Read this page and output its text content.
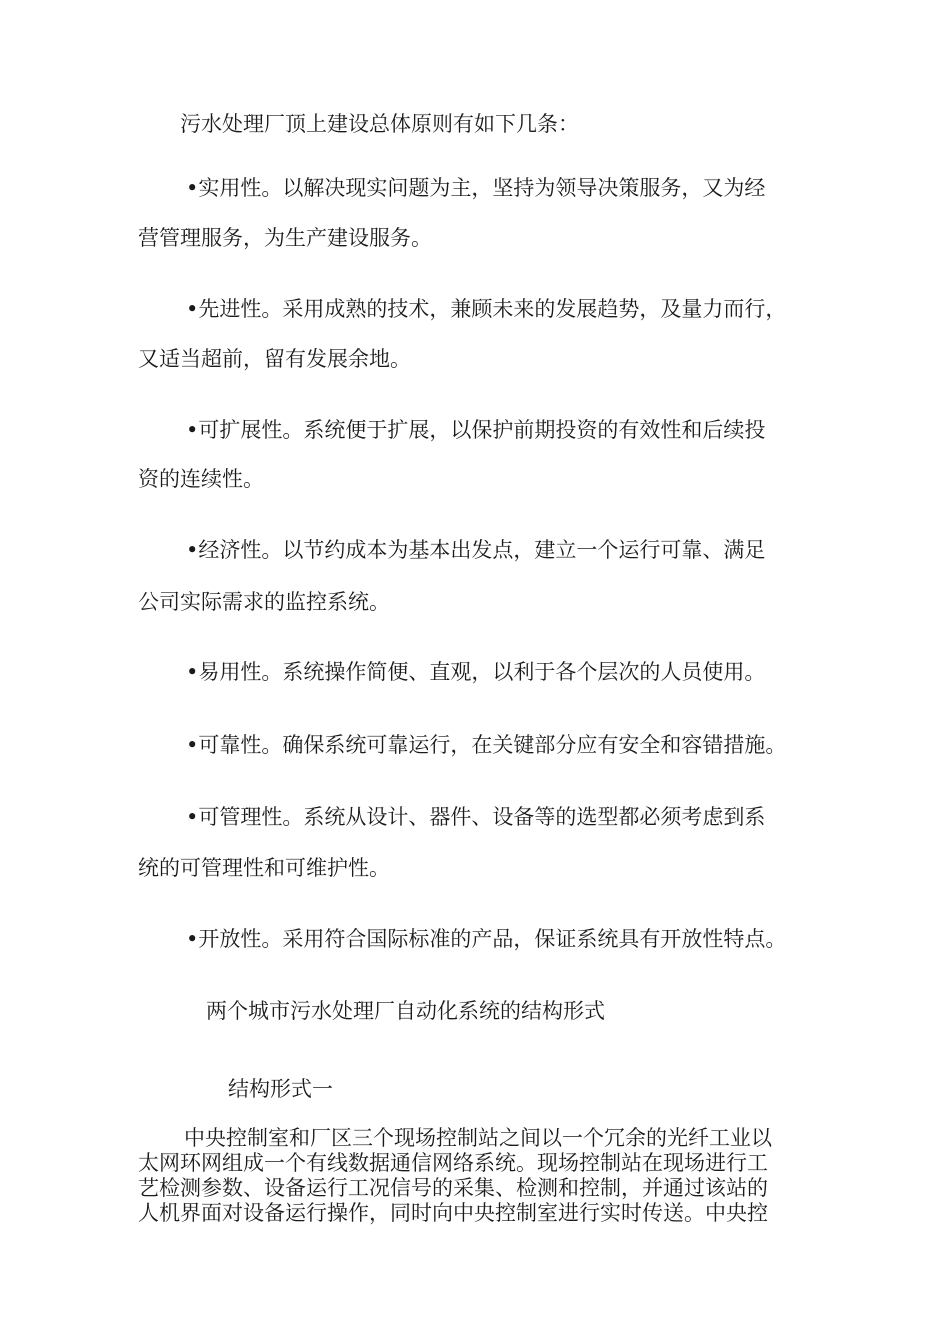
污水处理厂顶上建设总体原则有如下几条：
•实用性。以解决现实问题为主，坚持为领导决策服务，又为经
营管理服务，为生产建设服务。
•先进性。采用成熟的技术，兼顾未来的发展趋势，及量力而行，
又适当超前，留有发展余地。
•可扩展性。系统便于扩展，以保护前期投资的有效性和后续投
资的连续性。
•经济性。以节约成本为基本出发点，建立一个运行可靠、满足
公司实际需求的监控系统。
•易用性。系统操作简便、直观，以利于各个层次的人员使用。
•可靠性。确保系统可靠运行，在关键部分应有安全和容错措施。
•可管理性。系统从设计、器件、设备等的选型都必须考虑到系
统的可管理性和可维护性。
•开放性。采用符合国际标准的产品，保证系统具有开放性特点。
两个城市污水处理厂自动化系统的结构形式
结构形式一
中央控制室和厂区三个现场控制站之间以一个冗余的光纤工业以
太网环网组成一个有线数据通信网络系统。现场控制站在现场进行工
艺检测参数、设备运行工况信号的采集、检测和控制，并通过该站的
人机界面对设备运行操作，同时向中央控制室进行实时传送。中央控
